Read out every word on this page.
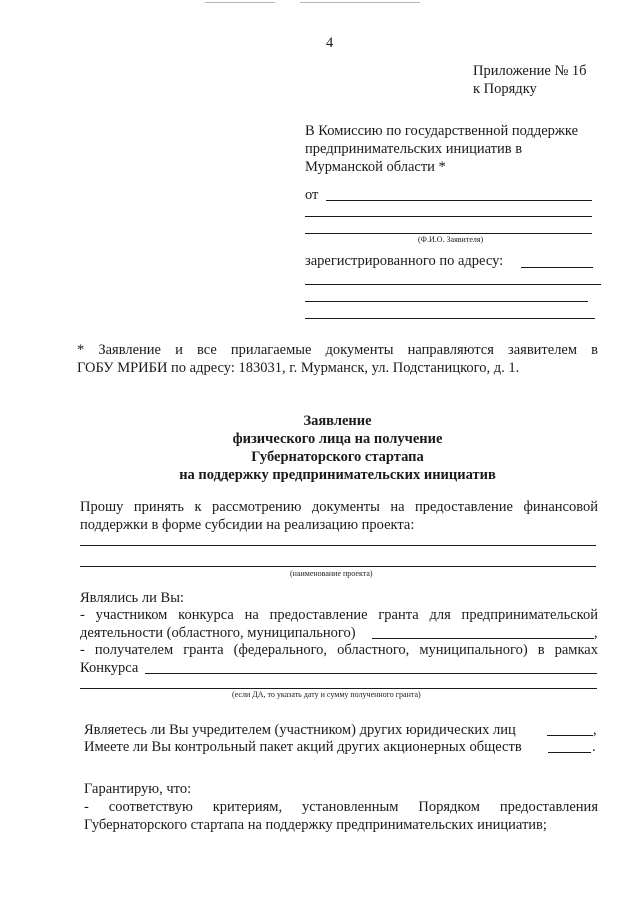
4
Приложение № 1б
к Порядку
В Комиссию по государственной поддержке
предпринимательских инициатив в
Мурманской области *
от
(Ф.И.О. Заявителя)
зарегистрированного по адресу:
* Заявление и все прилагаемые документы направляются заявителем в
ГОБУ МРИБИ по адресу: 183031, г. Мурманск, ул. Подстаницкого, д. 1.
Заявление
физического лица на получение
Губернаторского стартапа
на поддержку предпринимательских инициатив
Прошу принять к рассмотрению документы на предоставление финансовой
поддержки в форме субсидии на реализацию проекта:
(наименование проекта)
Являлись ли Вы:
- участником конкурса на предоставление гранта для предпринимательской
деятельности (областного, муниципального)	,
- получателем гранта (федерального, областного, муниципального) в рамках
Конкурса
(если ДА, то указать дату и сумму полученного гранта)
Являетесь ли Вы учредителем (участником) других юридических лиц	,
Имеете ли Вы контрольный пакет акций других акционерных обществ	.
Гарантирую, что:
- соответствую критериям, установленным Порядком предоставления
Губернаторского стартапа на поддержку предпринимательских инициатив;
